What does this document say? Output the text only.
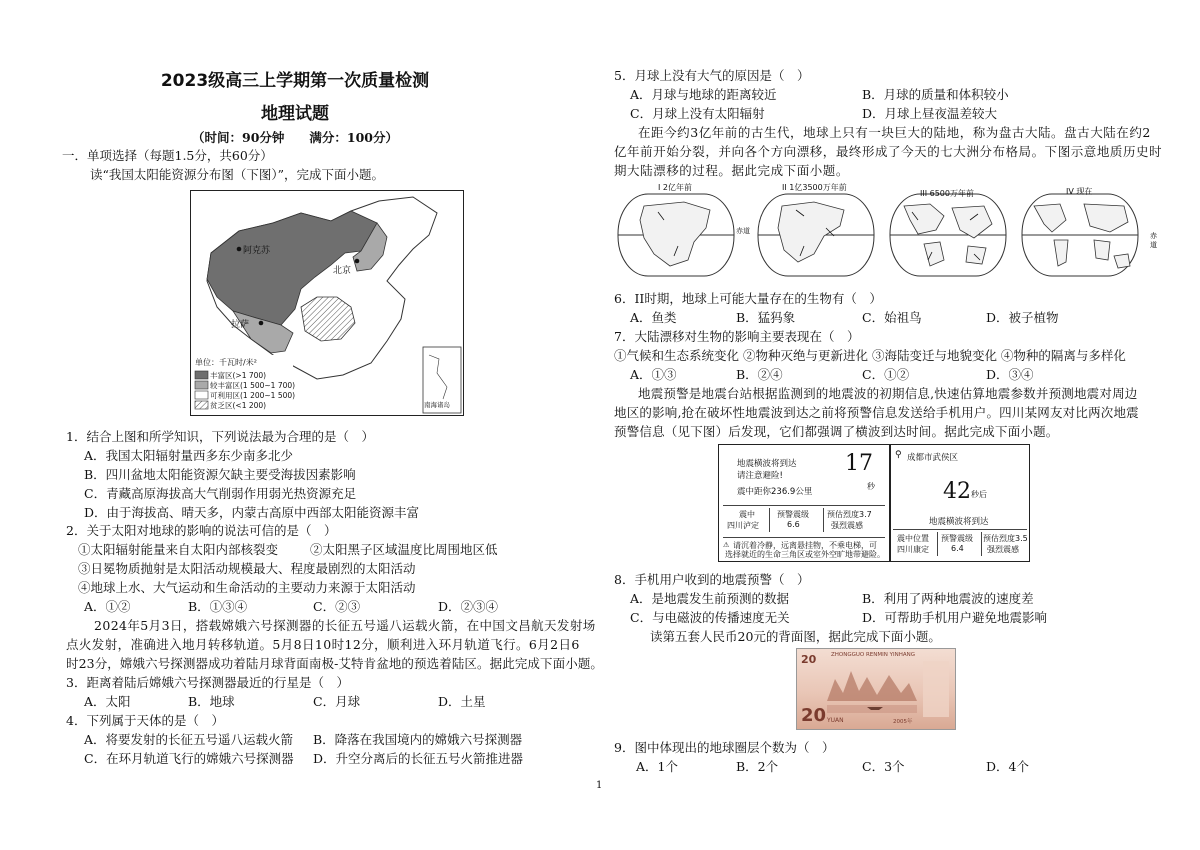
2023级高三上学期第一次质量检测
地理试题
（时间：90分钟　　满分：100分）
一．单项选择（每题1.5分，共60分）
读“我国太阳能资源分布图（下图）”，完成下面小题。
阿克苏
北京
拉萨
南海诸岛
单位：千瓦时/米²
丰富区(>1 700)
较丰富区(1 500~1 700)
可利用区(1 200~1 500)
贫乏区(<1 200)
1．结合上图和所学知识，下列说法最为合理的是（　）
A．我国太阳辐射量西多东少南多北少
B．四川盆地太阳能资源欠缺主要受海拔因素影响
C．青藏高原海拔高大气削弱作用弱光热资源充足
D．由于海拔高、晴天多，内蒙古高原中西部太阳能资源丰富
2．关于太阳对地球的影响的说法可信的是（　）
①太阳辐射能量来自太阳内部核裂变	②太阳黑子区域温度比周围地区低
③日冕物质抛射是太阳活动规模最大、程度最剧烈的太阳活动
④地球上水、大气运动和生命活动的主要动力来源于太阳活动
A．①②	B．①③④	C．②③	D．②③④
2024年5月3日，搭载嫦娥六号探测器的长征五号遥八运载火箭，在中国文昌航天发射场
点火发射，准确进入地月转移轨道。5月8日10时12分，顺利进入环月轨道飞行。6月2日6
时23分，嫦娥六号探测器成功着陆月球背面南极-艾特肯盆地的预选着陆区。据此完成下面小题。
3．距离着陆后嫦娥六号探测器最近的行星是（　）
A．太阳	B．地球	C．月球	D．土星
4．下列属于天体的是（　）
A．将要发射的长征五号遥八运载火箭 B．降落在我国境内的嫦娥六号探测器
C．在环月轨道飞行的嫦娥六号探测器 D．升空分离后的长征五号火箭推进器
5．月球上没有大气的原因是（　）
A．月球与地球的距离较近	B．月球的质量和体积较小
C．月球上没有太阳辐射	D．月球上昼夜温差较大
在距今约3亿年前的古生代，地球上只有一块巨大的陆地，称为盘古大陆。盘古大陆在约2
亿年前开始分裂，并向各个方向漂移，最终形成了今天的七大洲分布格局。下图示意地质历史时
期大陆漂移的过程。据此完成下面小题。
赤
道
I 2亿年前	II 1亿3500万年前
III 6500万年前	IV 现在
赤道
6．II时期，地球上可能大量存在的生物有（　）
A．鱼类	B．猛犸象	C．始祖鸟	D．被子植物
7．大陆漂移对生物的影响主要表现在（　）
①气候和生态系统变化 ②物种灭绝与更新进化 ③海陆变迁与地貌变化 ④物种的隔离与多样化
A．①③	B．②④	C．①②	D．③④
地震预警是地震台站根据监测到的地震波的初期信息,快速估算地震参数并预测地震对周边
地区的影响,抢在破坏性地震波到达之前将预警信息发送给手机用户。四川某网友对比两次地震
预警信息（见下图）后发现，它们都强调了横波到达时间。据此完成下面小题。
地震横波将到达
请注意避险!	17
秒
震中距你236.9公里
震中
四川泸定
预警震级
6.6
预估烈度3.7
强烈震感
⚠ 请沉着冷静，远离悬挂物，不乘电梯，可
选择就近的生命三角区或室外空旷地带避险。
⚲ 成都市武侯区
42 秒后
地震横波将到达
震中位置
四川康定
预警震级
6.4
预估烈度3.5
强烈震感
8．手机用户收到的地震预警（　）
A．是地震发生前预测的数据	B．利用了两种地震波的速度差
C．与电磁波的传播速度无关	D．可帮助手机用户避免地震影响
读第五套人民币20元的背面图，据此完成下面小题。
ZHONGGUO RENMIN YINHANG
20
20 YUAN	2005年
9．图中体现出的地球圈层个数为（　）
A．1个	B．2个	C．3个	D．4个
1
